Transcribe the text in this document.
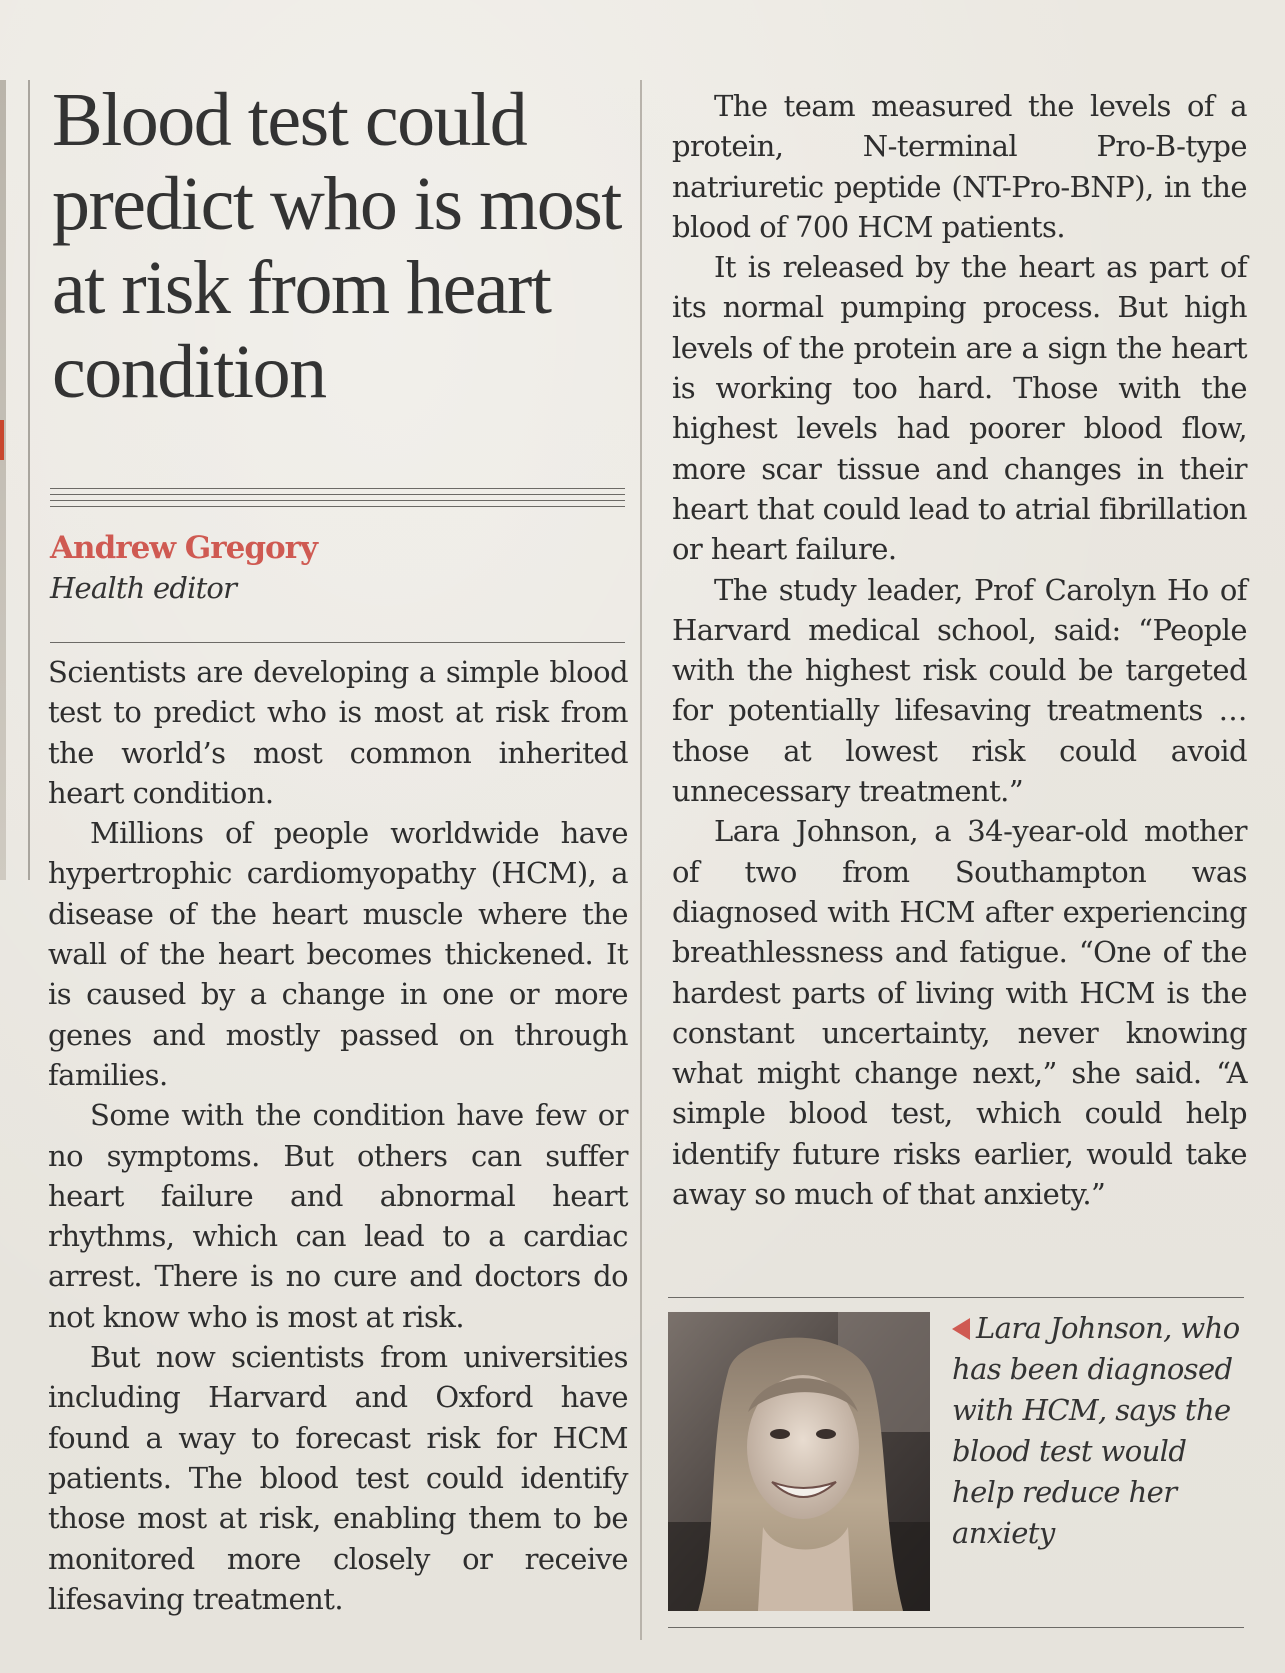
Blood test could predict who is most at risk from heart condition

Andrew Gregory

Health editor

Scientists are developing a simple blood test to predict who is most at risk from the world’s most common inherited heart condition.

Millions of people worldwide have hypertrophic cardiomyopathy (HCM), a disease of the heart muscle where the wall of the heart becomes thickened. It is caused by a change in one or more genes and mostly passed on through families.

Some with the condition have few or no symptoms. But others can suffer heart failure and abnormal heart rhythms, which can lead to a cardiac arrest. There is no cure and doctors do not know who is most at risk.

But now scientists from universities including Harvard and Oxford have found a way to forecast risk for HCM patients. The blood test could identify those most at risk, enabling them to be monitored more closely or receive lifesaving treatment.

The team measured the levels of a protein, N-terminal Pro-B-type natriuretic peptide (NT-Pro-BNP), in the blood of 700 HCM patients.

It is released by the heart as part of its normal pumping process. But high levels of the protein are a sign the heart is working too hard. Those with the highest levels had poorer blood flow, more scar tissue and changes in their heart that could lead to atrial fibrillation or heart failure.

The study leader, Prof Carolyn Ho of Harvard medical school, said: “People with the highest risk could be targeted for potentially lifesaving treatments … those at lowest risk could avoid unnecessary treatment.”

Lara Johnson, a 34-year-old mother of two from Southampton was diagnosed with HCM after experiencing breathlessness and fatigue. “One of the hardest parts of living with HCM is the constant uncertainty, never knowing what might change next,” she said. “A simple blood test, which could help identify future risks earlier, would take away so much of that anxiety.”

Lara Johnson, who has been diagnosed with HCM, says the blood test would help reduce her anxiety
